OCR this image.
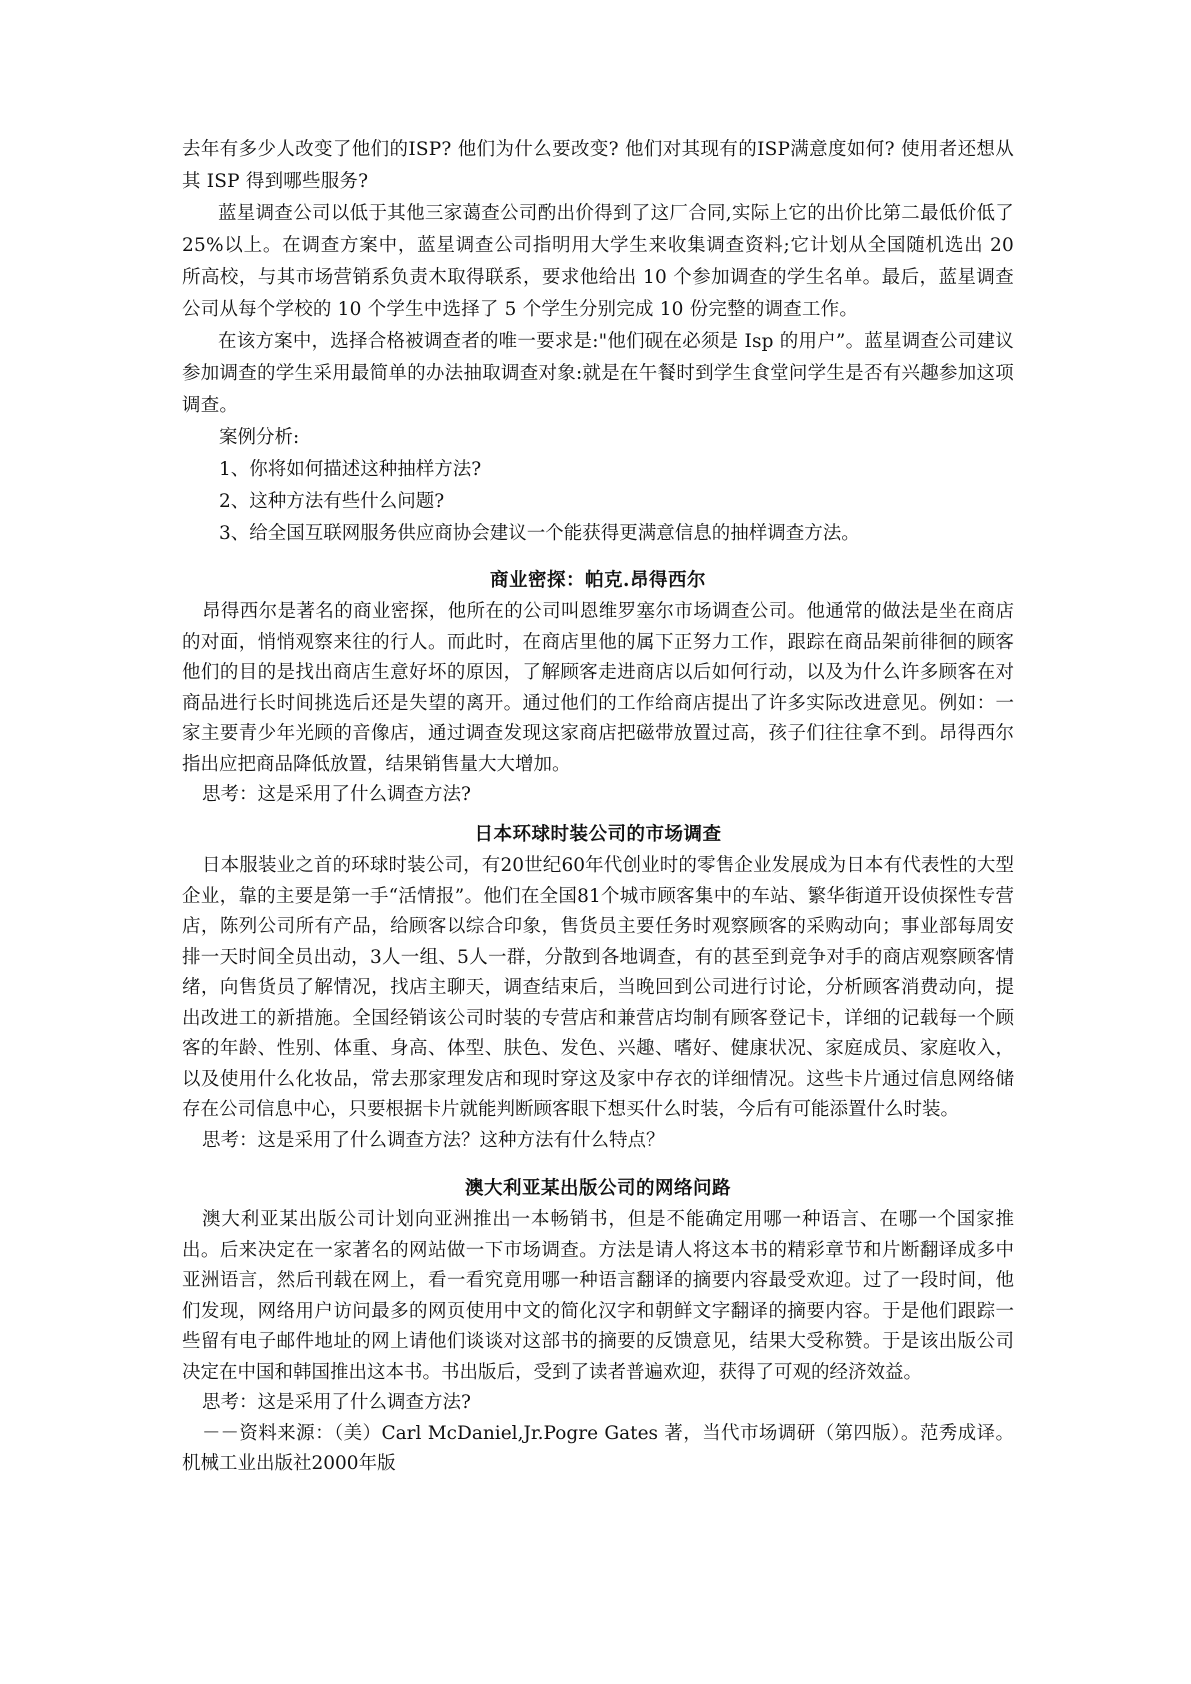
去年有多少人改变了他们的ISP? 他们为什么要改变? 他们对其现有的ISP满意度如何? 使用者还想从其 ISP 得到哪些服务?

蓝星调查公司以低于其他三家蔼查公司酌出价得到了这厂合同,实际上它的出价比第二最低价低了 25%以上。在调查方案中，蓝星调查公司指明用大学生来收集调查资料;它计划从全国随机选出 20 所高校，与其市场营销系负责木取得联系，要求他给出 10 个参加调查的学生名单。最后，蓝星调查公司从每个学校的 10 个学生中选择了 5 个学生分别完成 10 份完整的调查工作。

在该方案中，选择合格被调查者的唯一要求是:"他们砚在必须是 Isp 的用户”。蓝星调查公司建议参加调查的学生采用最简单的办法抽取调查对象:就是在午餐时到学生食堂问学生是否有兴趣参加这项调查。

案例分析:

1、你将如何描述这种抽样方法?

2、这种方法有些什么问题?

3、给全国互联网服务供应商协会建议一个能获得更满意信息的抽样调查方法。

商业密探：帕克.昂得西尔

昂得西尔是著名的商业密探，他所在的公司叫恩维罗塞尔市场调查公司。他通常的做法是坐在商店的对面，悄悄观察来往的行人。而此时，在商店里他的属下正努力工作，跟踪在商品架前徘徊的顾客他们的目的是找出商店生意好坏的原因，了解顾客走进商店以后如何行动，以及为什么许多顾客在对商品进行长时间挑选后还是失望的离开。通过他们的工作给商店提出了许多实际改进意见。例如：一家主要青少年光顾的音像店，通过调查发现这家商店把磁带放置过高，孩子们往往拿不到。昂得西尔指出应把商品降低放置，结果销售量大大增加。

思考：这是采用了什么调查方法?

日本环球时装公司的市场调查

日本服装业之首的环球时装公司，有20世纪60年代创业时的零售企业发展成为日本有代表性的大型企业，靠的主要是第一手“活情报”。他们在全国81个城市顾客集中的车站、繁华街道开设侦探性专营店，陈列公司所有产品，给顾客以综合印象，售货员主要任务时观察顾客的采购动向；事业部每周安排一天时间全员出动，3人一组、5人一群，分散到各地调查，有的甚至到竞争对手的商店观察顾客情绪，向售货员了解情况，找店主聊天，调查结束后，当晚回到公司进行讨论，分析顾客消费动向，提出改进工的新措施。全国经销该公司时装的专营店和兼营店均制有顾客登记卡，详细的记载每一个顾客的年龄、性别、体重、身高、体型、肤色、发色、兴趣、嗜好、健康状况、家庭成员、家庭收入，以及使用什么化妆品，常去那家理发店和现时穿这及家中存衣的详细情况。这些卡片通过信息网络储存在公司信息中心，只要根据卡片就能判断顾客眼下想买什么时装，今后有可能添置什么时装。

思考：这是采用了什么调查方法？这种方法有什么特点？

澳大利亚某出版公司的网络问路

澳大利亚某出版公司计划向亚洲推出一本畅销书，但是不能确定用哪一种语言、在哪一个国家推出。后来决定在一家著名的网站做一下市场调查。方法是请人将这本书的精彩章节和片断翻译成多中亚洲语言，然后刊载在网上，看一看究竟用哪一种语言翻译的摘要内容最受欢迎。过了一段时间，他们发现，网络用户访问最多的网页使用中文的简化汉字和朝鲜文字翻译的摘要内容。于是他们跟踪一些留有电子邮件地址的网上请他们谈谈对这部书的摘要的反馈意见，结果大受称赞。于是该出版公司决定在中国和韩国推出这本书。书出版后，受到了读者普遍欢迎，获得了可观的经济效益。

思考：这是采用了什么调查方法?

－－资料来源：（美）Carl McDaniel,Jr.Pogre Gates 著，当代市场调研（第四版）。范秀成译。机械工业出版社2000年版
